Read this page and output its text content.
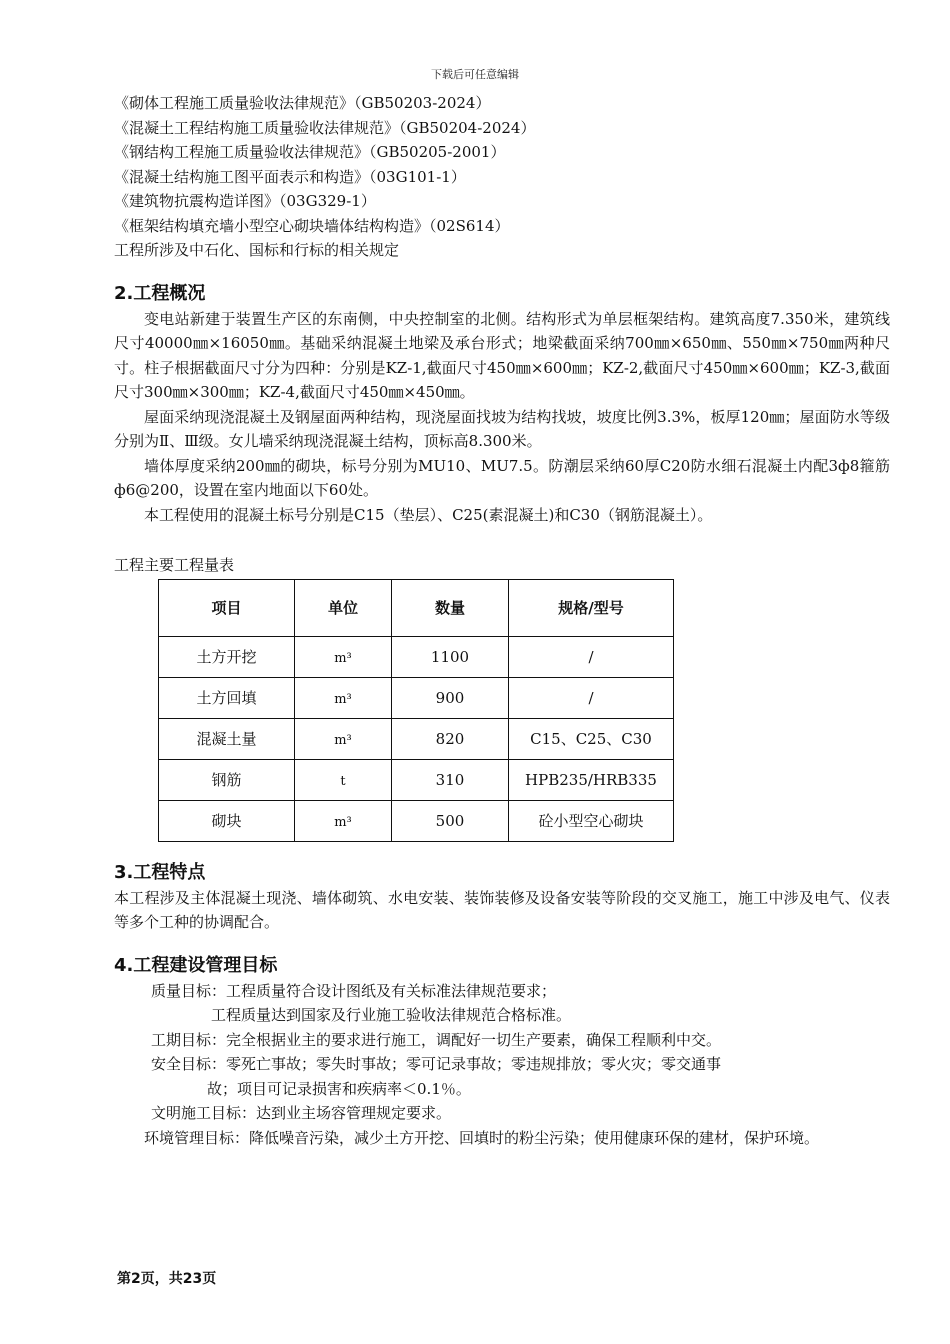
下载后可任意编辑
《砌体工程施工质量验收法律规范》（GB50203-2024）
《混凝土工程结构施工质量验收法律规范》（GB50204-2024）
《钢结构工程施工质量验收法律规范》（GB50205-2001）
《混凝土结构施工图平面表示和构造》（03G101-1）
《建筑物抗震构造详图》（03G329-1）
《框架结构填充墙小型空心砌块墙体结构构造》（02S614）
工程所涉及中石化、国标和行标的相关规定
2.工程概况
变电站新建于装置生产区的东南侧，中央控制室的北侧。结构形式为单层框架结构。建筑高度7.350米，建筑线尺寸40000㎜×16050㎜。基础采纳混凝土地梁及承台形式；地梁截面采纳700㎜×650㎜、550㎜×750㎜两种尺寸。柱子根据截面尺寸分为四种：分别是KZ-1,截面尺寸450㎜×600㎜；KZ-2,截面尺寸450㎜×600㎜；KZ-3,截面尺寸300㎜×300㎜；KZ-4,截面尺寸450㎜×450㎜。
屋面采纳现浇混凝土及钢屋面两种结构，现浇屋面找坡为结构找坡，坡度比例3.3%，板厚120㎜；屋面防水等级分别为Ⅱ、Ⅲ级。女儿墙采纳现浇混凝土结构，顶标高8.300米。
墙体厚度采纳200㎜的砌块，标号分别为MU10、MU7.5。防潮层采纳60厚C20防水细石混凝土内配3ф8箍筋ф6@200，设置在室内地面以下60处。
本工程使用的混凝土标号分别是C15（垫层）、C25(素混凝土)和C30（钢筋混凝土）。
工程主要工程量表
项目	单位	数量	规格/型号
土方开挖	m³	1100	/
土方回填	m³	900	/
混凝土量	m³	820	C15、C25、C30
钢筋	t	310	HPB235/HRB335
砌块	m³	500	砼小型空心砌块
3.工程特点
本工程涉及主体混凝土现浇、墙体砌筑、水电安装、装饰装修及设备安装等阶段的交叉施工，施工中涉及电气、仪表等多个工种的协调配合。
4.工程建设管理目标
质量目标：工程质量符合设计图纸及有关标准法律规范要求；
工程质量达到国家及行业施工验收法律规范合格标准。
工期目标：完全根据业主的要求进行施工，调配好一切生产要素，确保工程顺利中交。
安全目标：零死亡事故；零失时事故；零可记录事故；零违规排放；零火灾；零交通事
故；项目可记录损害和疾病率＜0.1％。
文明施工目标：达到业主场容管理规定要求。
环境管理目标：降低噪音污染，减少土方开挖、回填时的粉尘污染；使用健康环保的建材，保护环境。
第2页，共23页
